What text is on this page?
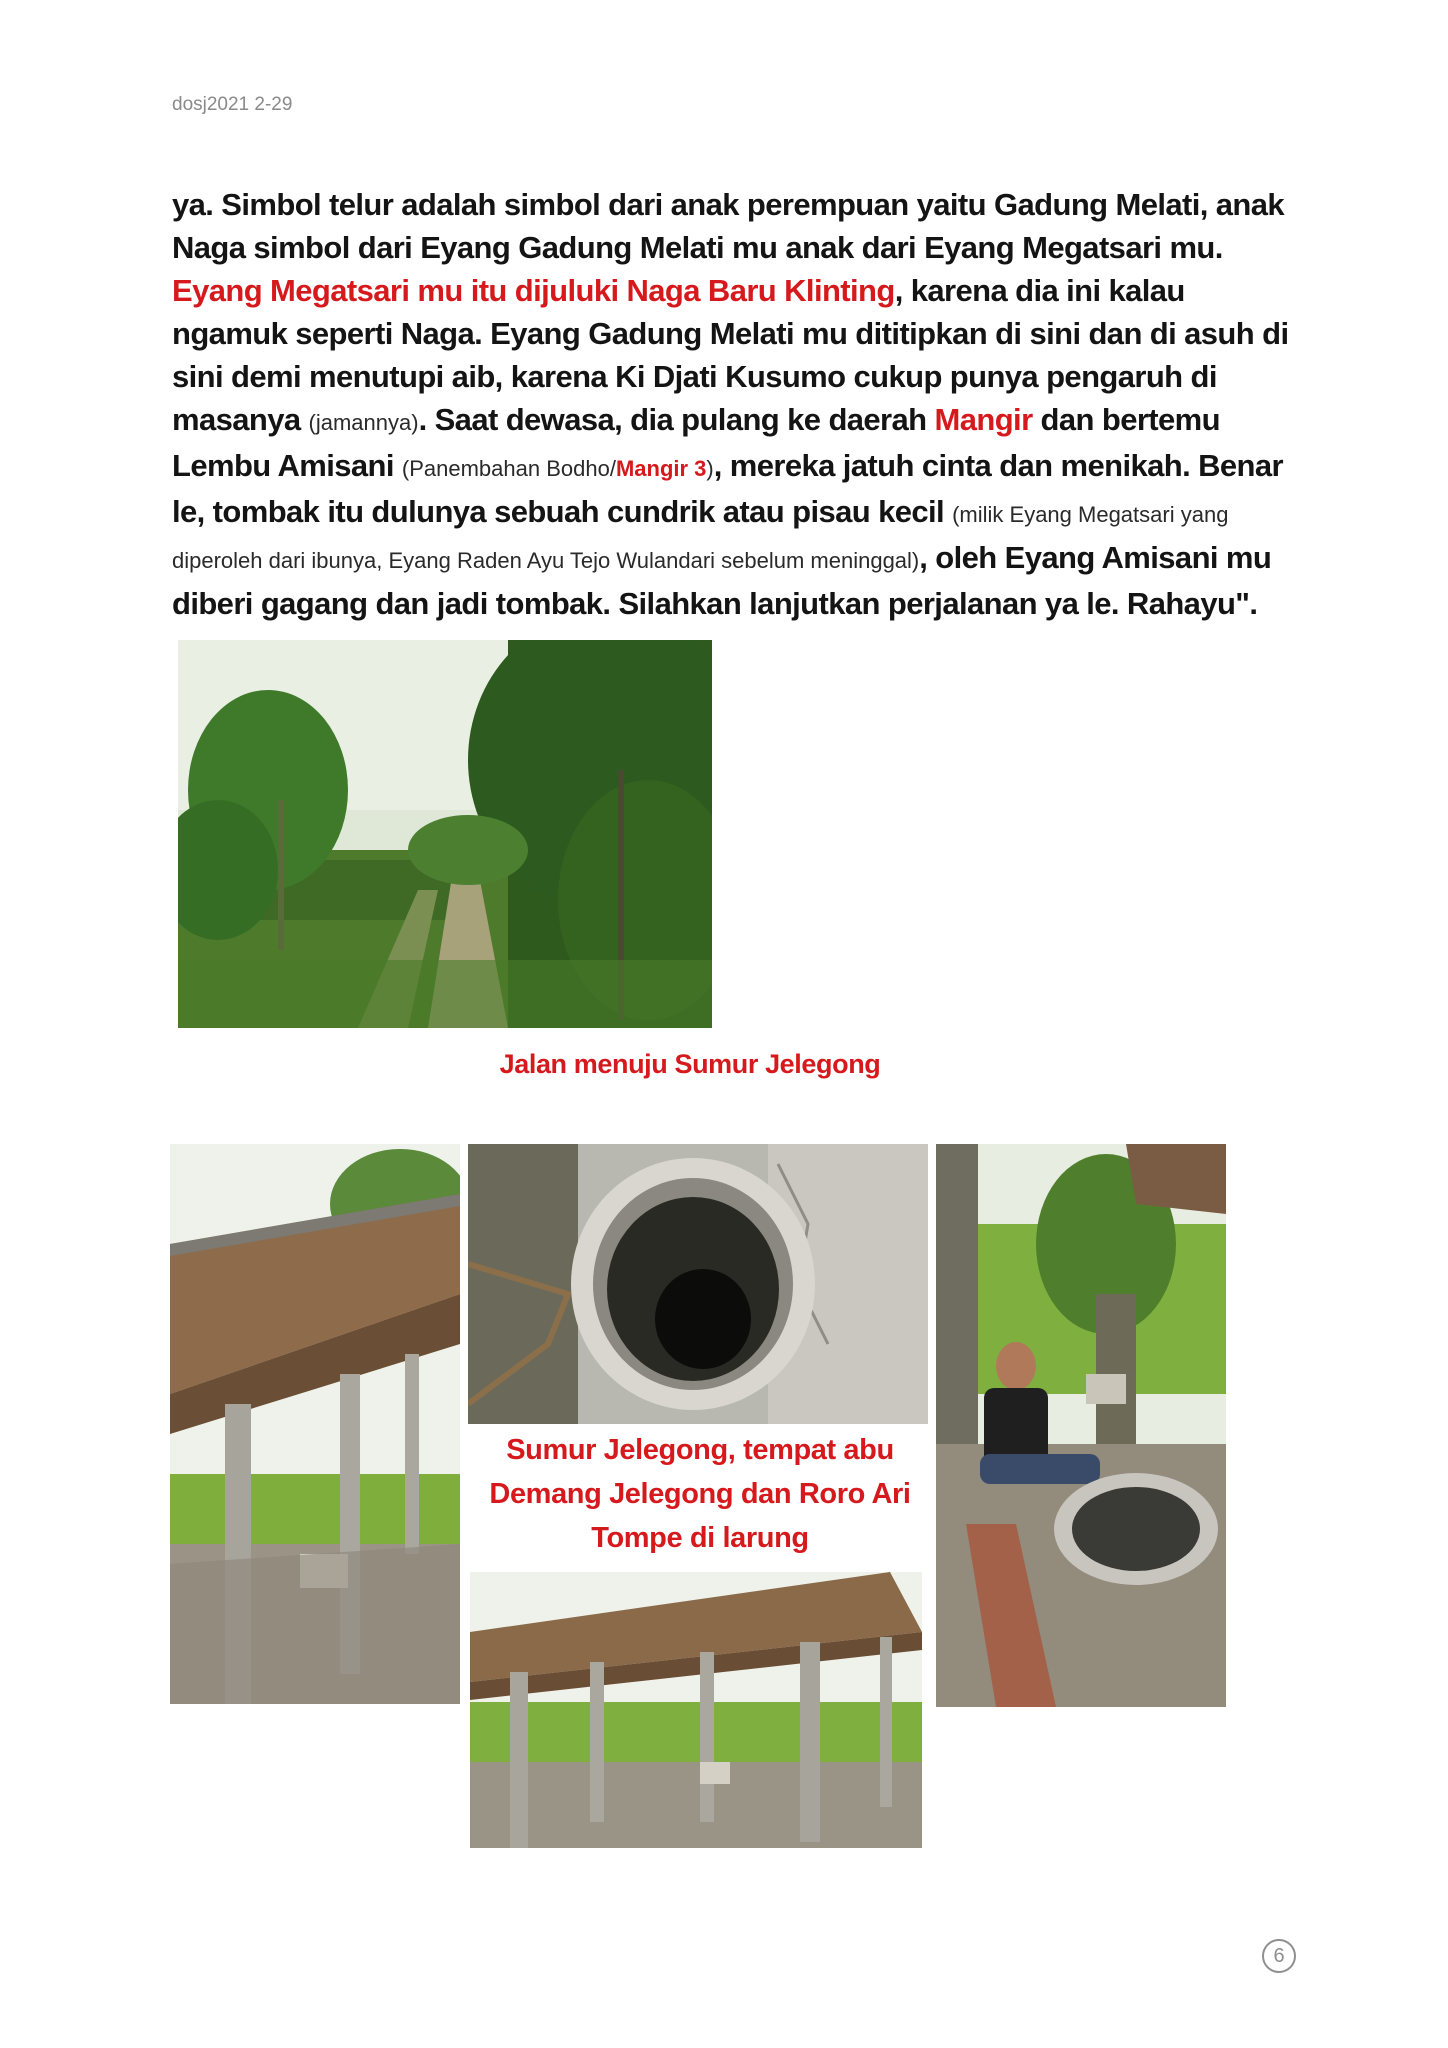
dosj2021 2-29
ya. Simbol telur adalah simbol dari anak perempuan yaitu Gadung Melati, anak Naga simbol dari Eyang Gadung Melati mu anak dari Eyang Megatsari mu. Eyang Megatsari mu itu dijuluki Naga Baru Klinting, karena dia ini kalau ngamuk seperti Naga. Eyang Gadung Melati mu dititipkan di sini dan di asuh di sini demi menutupi aib, karena Ki Djati Kusumo cukup punya pengaruh di masanya (jamannya). Saat dewasa, dia pulang ke daerah Mangir dan bertemu Lembu Amisani (Panembahan Bodho/Mangir 3), mereka jatuh cinta dan menikah. Benar le, tombak itu dulunya sebuah cundrik atau pisau kecil (milik Eyang Megatsari yang diperoleh dari ibunya, Eyang Raden Ayu Tejo Wulandari sebelum meninggal), oleh Eyang Amisani mu diberi gagang dan jadi tombak. Silahkan lanjutkan perjalanan ya le. Rahayu".
Jalan menuju Sumur Jelegong
Sumur Jelegong, tempat abu Demang Jelegong dan Roro Ari Tompe di larung
6
